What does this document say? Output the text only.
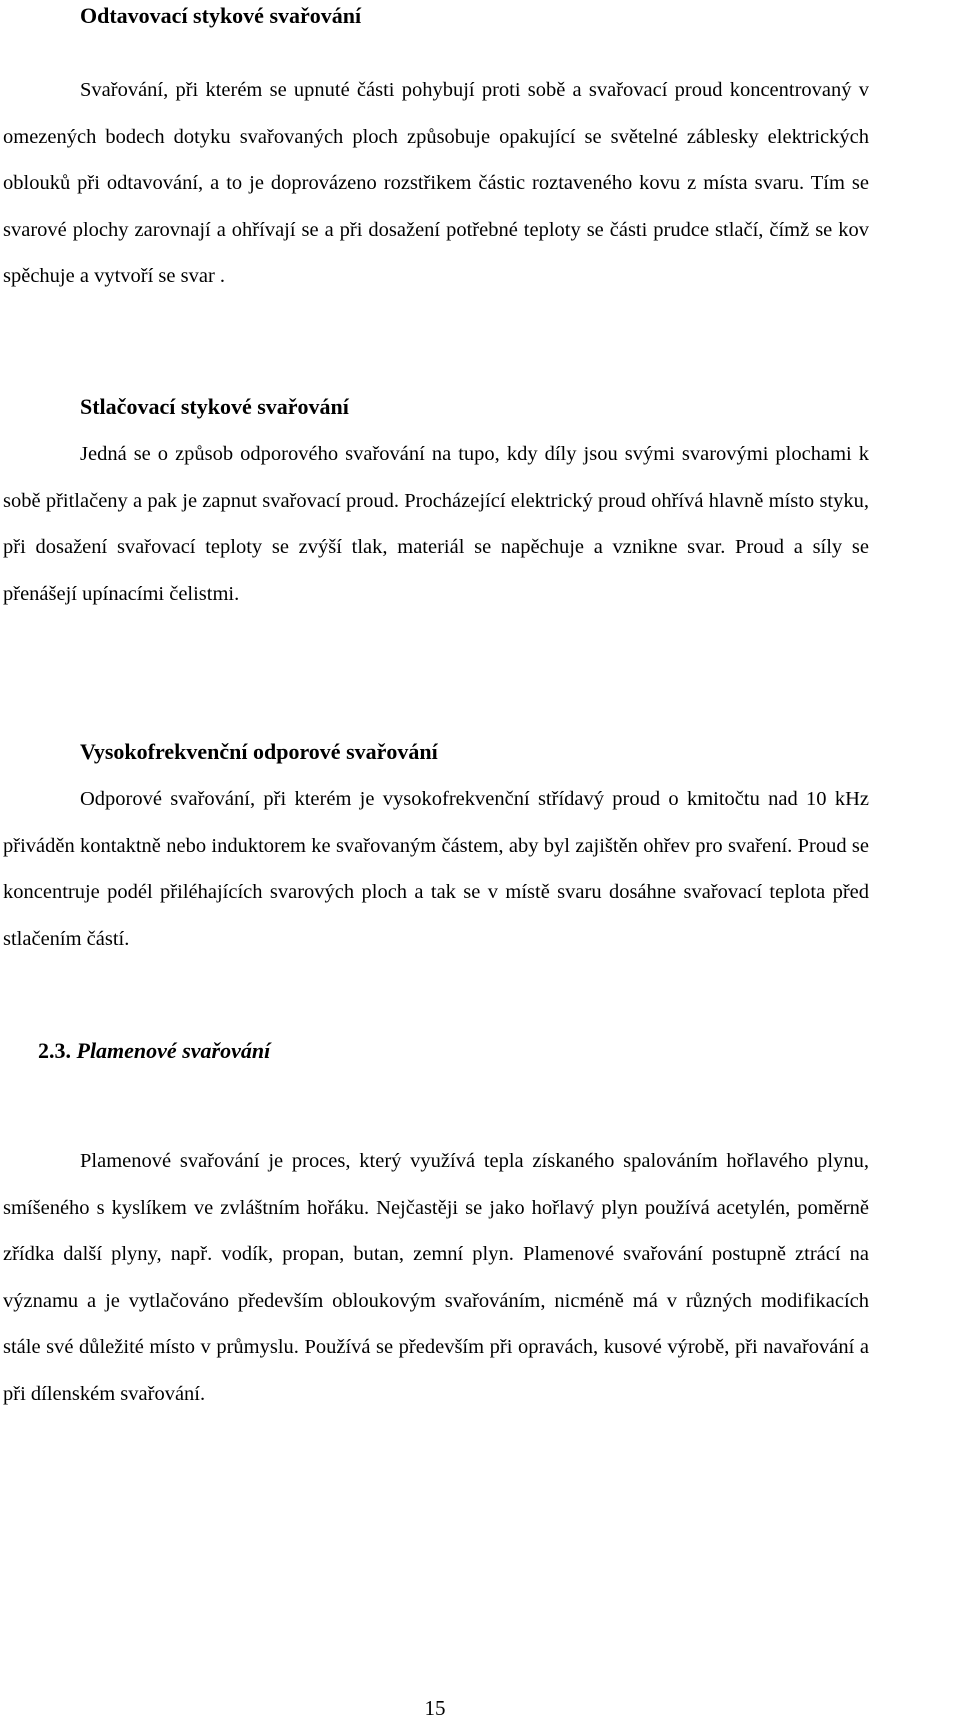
Odtavovací stykové svařování

Svařování, při kterém se upnuté části pohybují proti sobě a svařovací proud koncentrovaný v omezených bodech dotyku svařovaných ploch způsobuje opakující se světelné záblesky elektrických oblouků při odtavování, a to je doprovázeno rozstřikem částic roztaveného kovu z místa svaru. Tím se svarové plochy zarovnají a ohřívají se a při dosažení potřebné teploty se části prudce stlačí, čímž se kov spěchuje a vytvoří se svar .

Stlačovací stykové svařování

Jedná se o způsob odporového svařování na tupo, kdy díly jsou svými svarovými plochami k sobě přitlačeny a pak je zapnut svařovací proud. Procházející elektrický proud ohřívá hlavně místo styku, při dosažení svařovací teploty se zvýší tlak, materiál se napěchuje a vznikne svar. Proud a síly se přenášejí upínacími čelistmi.

Vysokofrekvenční odporové svařování

Odporové svařování, při kterém je vysokofrekvenční střídavý proud o kmitočtu nad 10 kHz přiváděn kontaktně nebo induktorem ke svařovaným částem, aby byl zajištěn ohřev pro svaření. Proud se koncentruje podél přiléhajících svarových ploch a tak se v místě svaru dosáhne svařovací teplota před stlačením částí.

2.3. Plamenové svařování

Plamenové svařování je proces, který využívá tepla získaného spalováním hořlavého plynu, smíšeného s kyslíkem ve zvláštním hořáku. Nejčastěji se jako hořlavý plyn používá acetylén, poměrně zřídka další plyny, např. vodík, propan, butan, zemní plyn. Plamenové svařování postupně ztrácí na významu a je vytlačováno především obloukovým svařováním, nicméně má v různých modifikacích stále své důležité místo v průmyslu. Používá se především při opravách, kusové výrobě, při navařování a při dílenském svařování.

15
